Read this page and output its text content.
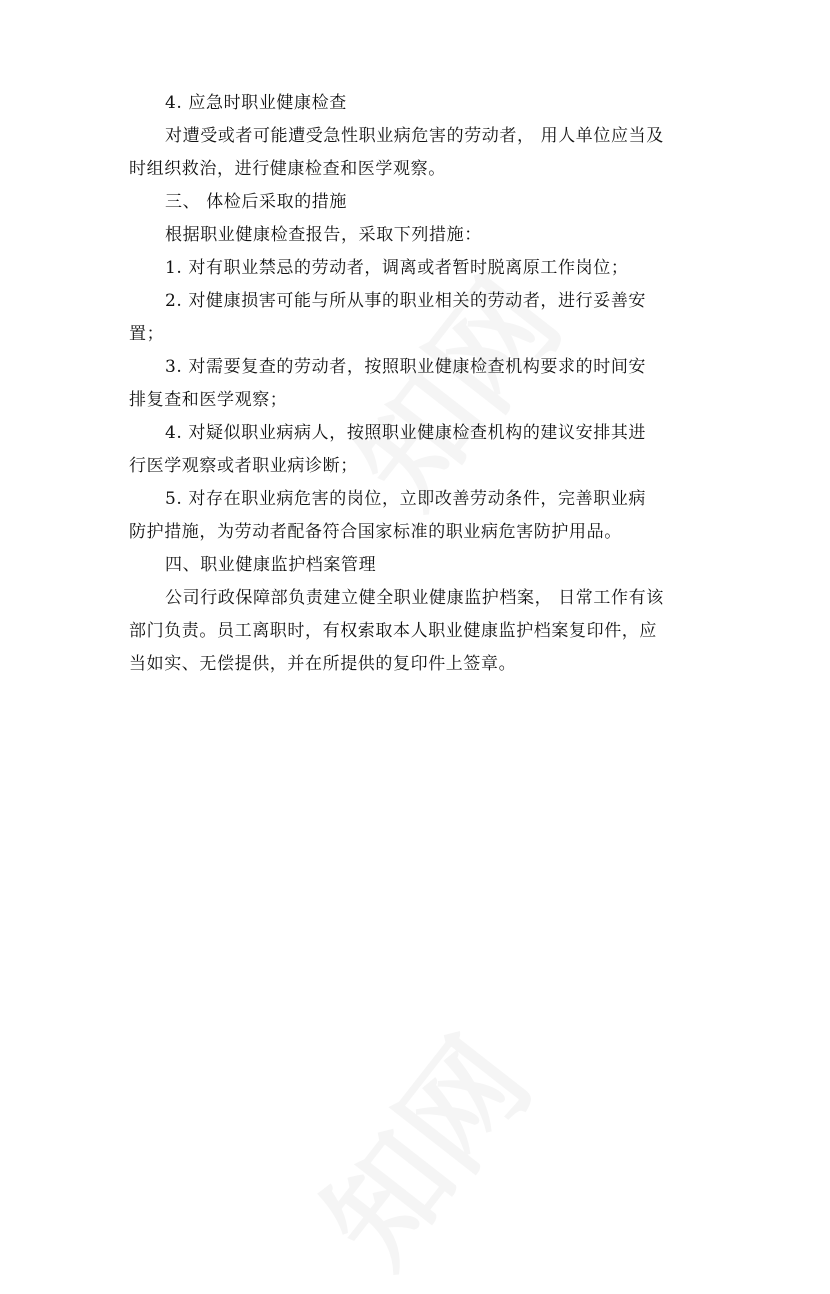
4. 应急时职业健康检查
对遭受或者可能遭受急性职业病危害的劳动者， 用人单位应当及
时组织救治，进行健康检查和医学观察。
三、 体检后采取的措施
根据职业健康检查报告，采取下列措施：
1. 对有职业禁忌的劳动者，调离或者暂时脱离原工作岗位；
2. 对健康损害可能与所从事的职业相关的劳动者，进行妥善安
置；
3. 对需要复查的劳动者，按照职业健康检查机构要求的时间安
排复查和医学观察；
4. 对疑似职业病病人，按照职业健康检查机构的建议安排其进
行医学观察或者职业病诊断；
5. 对存在职业病危害的岗位，立即改善劳动条件，完善职业病
防护措施，为劳动者配备符合国家标准的职业病危害防护用品。
四、职业健康监护档案管理
公司行政保障部负责建立健全职业健康监护档案， 日常工作有该
部门负责。员工离职时，有权索取本人职业健康监护档案复印件，应
当如实、无偿提供，并在所提供的复印件上签章。
